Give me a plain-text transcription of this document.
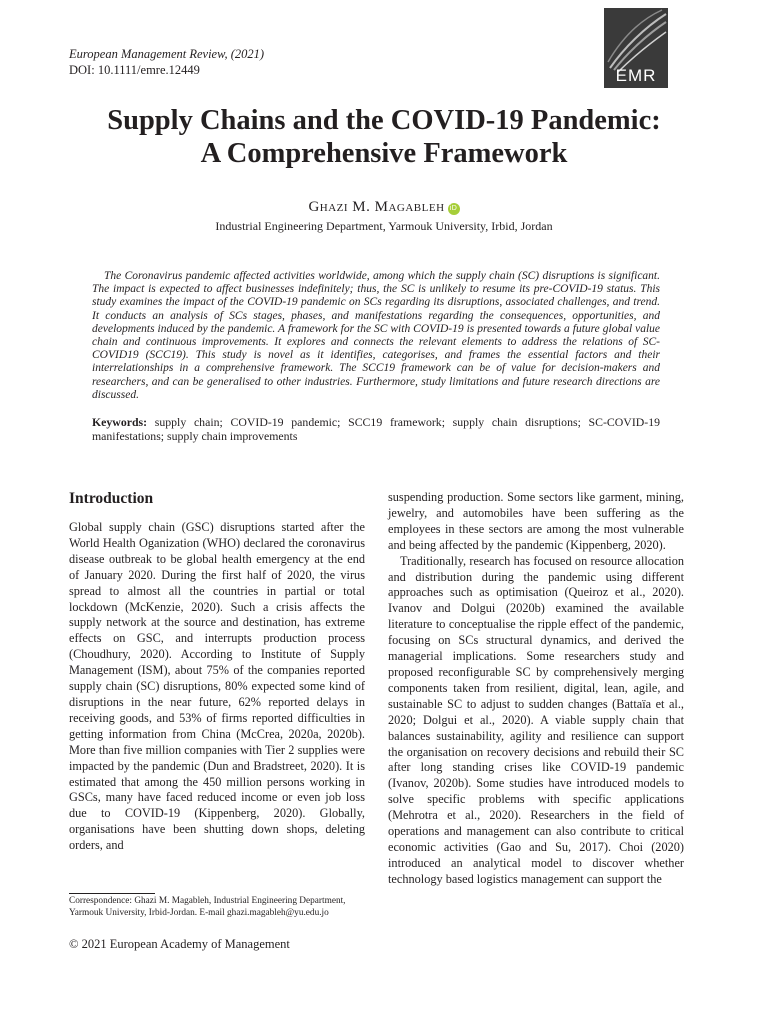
European Management Review, (2021)
DOI: 10.1111/emre.12449	EMR
Supply Chains and the COVID-19 Pandemic:
A Comprehensive Framework
Ghazi M. Magableh iD
Industrial Engineering Department, Yarmouk University, Irbid, Jordan

The Coronavirus pandemic affected activities worldwide, among which the supply chain (SC) disruptions is significant. The impact is expected to affect businesses indefinitely; thus, the SC is unlikely to resume its pre-COVID-19 status. This study examines the impact of the COVID-19 pandemic on SCs regarding its disruptions, associated challenges, and trend. It conducts an analysis of SCs stages, phases, and manifestations regarding the consequences, opportunities, and developments induced by the pandemic. A framework for the SC with COVID-19 is presented towards a future global value chain and continuous improvements. It explores and connects the relevant elements to address the relations of SC-COVID19 (SCC19). This study is novel as it identifies, categorises, and frames the essential factors and their interrelationships in a comprehensive framework. The SCC19 framework can be of value for decision-makers and researchers, and can be generalised to other industries. Furthermore, study limitations and future research directions are discussed.

Keywords: supply chain; COVID-19 pandemic; SCC19 framework; supply chain disruptions; SC-COVID-19 manifestations; supply chain improvements

Introduction

Global supply chain (GSC) disruptions started after the World Health Oganization (WHO) declared the coronavirus disease outbreak to be global health emergency at the end of January 2020. During the first half of 2020, the virus spread to almost all the countries in partial or total lockdown (McKenzie, 2020). Such a crisis affects the supply network at the source and destination, has extreme effects on GSC, and interrupts production process (Choudhury, 2020). According to Institute of Supply Management (ISM), about 75% of the companies reported supply chain (SC) disruptions, 80% expected some kind of disruptions in the near future, 62% reported delays in receiving goods, and 53% of firms reported difficulties in getting information from China (McCrea, 2020a, 2020b). More than five million companies with Tier 2 supplies were impacted by the pandemic (Dun and Bradstreet, 2020). It is estimated that among the 450 million persons working in GSCs, many have faced reduced income or even job loss due to COVID-19 (Kippenberg, 2020). Globally, organisations have been shutting down shops, deleting orders, and

suspending production. Some sectors like garment, mining, jewelry, and automobiles have been suffering as the employees in these sectors are among the most vulnerable and being affected by the pandemic (Kippenberg, 2020).

Traditionally, research has focused on resource allocation and distribution during the pandemic using different approaches such as optimisation (Queiroz et al., 2020). Ivanov and Dolgui (2020b) examined the available literature to conceptualise the ripple effect of the pandemic, focusing on SCs structural dynamics, and derived the managerial implications. Some researchers study and proposed reconfigurable SC by comprehensively merging components taken from resilient, digital, lean, agile, and sustainable SC to adjust to sudden changes (Battaïa et al., 2020; Dolgui et al., 2020). A viable supply chain that balances sustainability, agility and resilience can support the organisation on recovery decisions and rebuild their SC after long standing crises like COVID-19 pandemic (Ivanov, 2020b). Some studies have introduced models to solve specific problems with specific applications (Mehrotra et al., 2020). Researchers in the field of operations and management can also contribute to critical economic activities (Gao and Su, 2017). Choi (2020) introduced an analytical model to discover whether technology based logistics management can support the

Correspondence: Ghazi M. Magableh, Industrial Engineering Department, Yarmouk University, Irbid-Jordan. E-mail ghazi.magableh@yu.edu.jo

© 2021 European Academy of Management
